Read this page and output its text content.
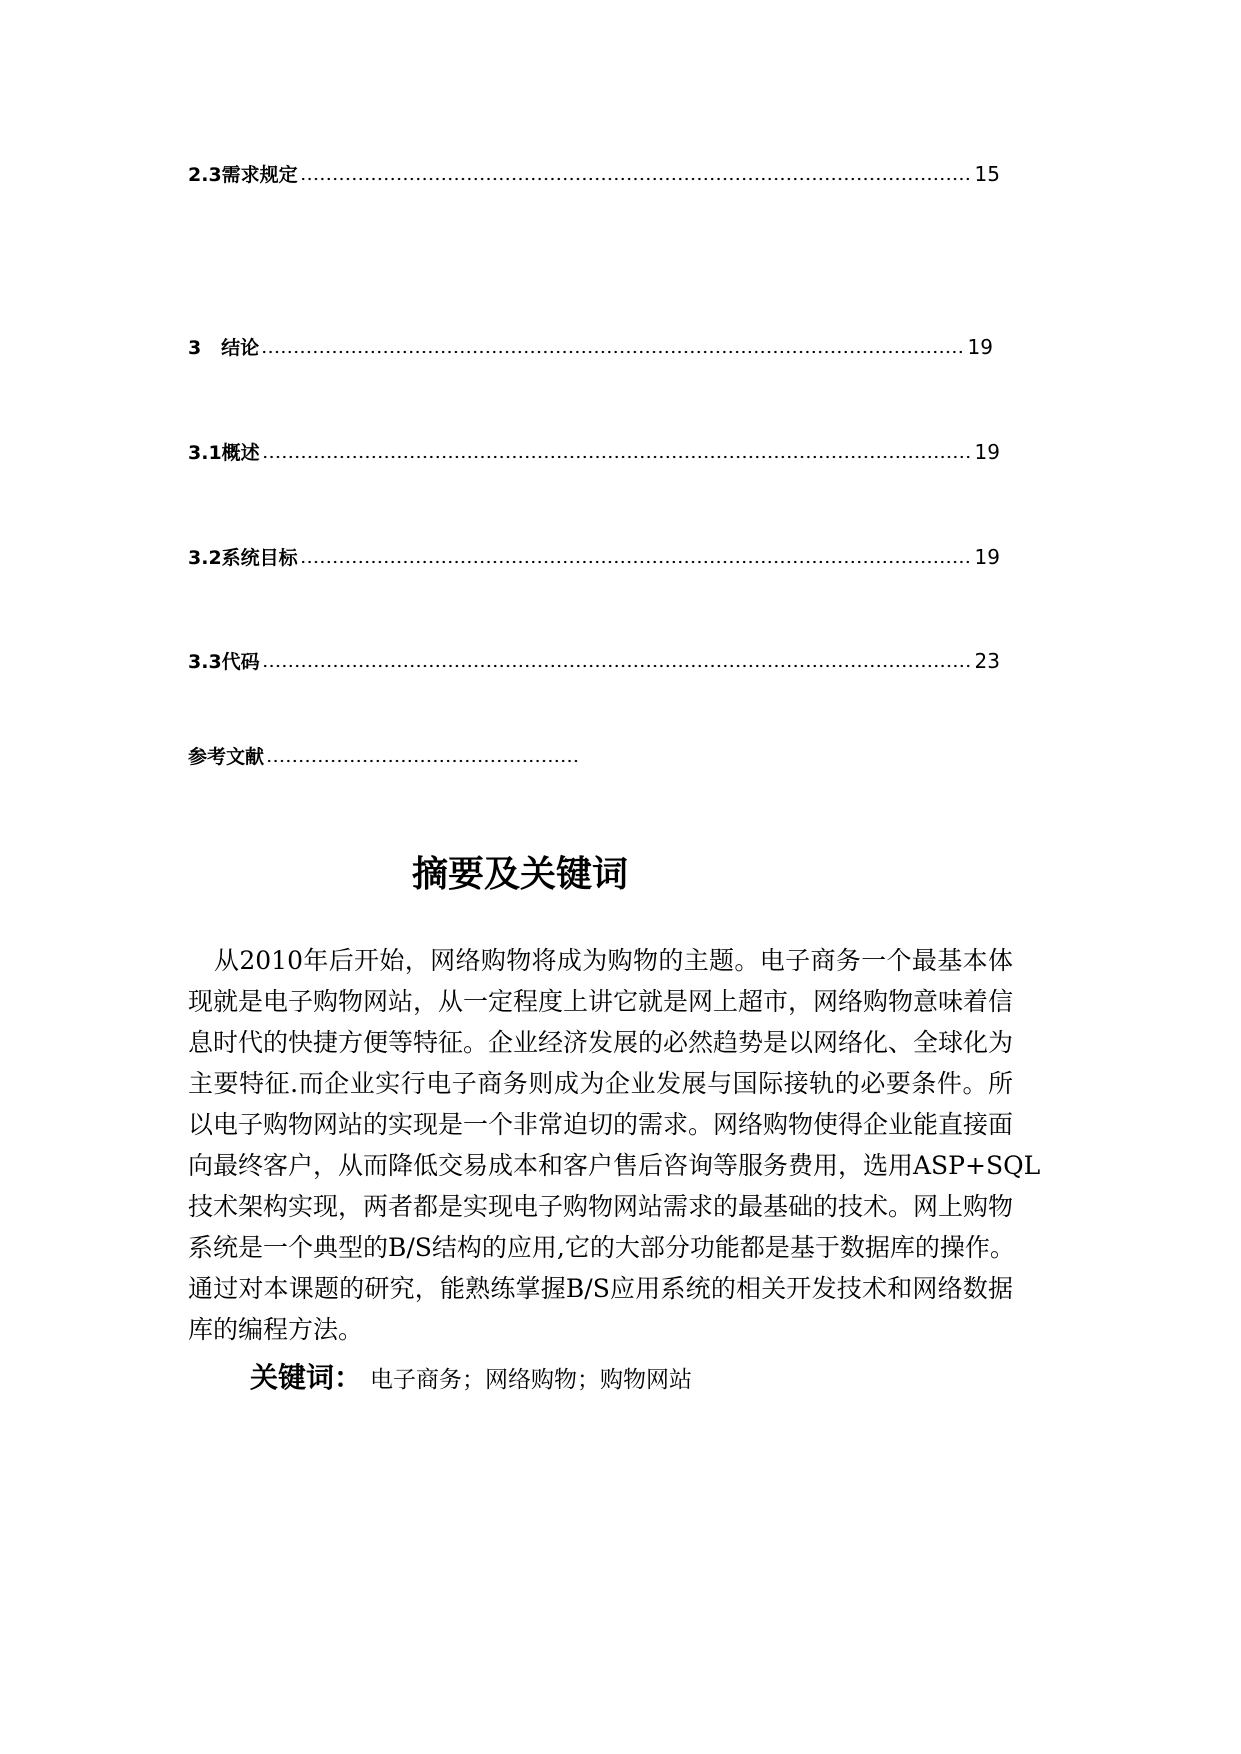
2.3需求规定	15
3   结论	19
3.1概述	19
3.2系统目标	19
3.3代码	23
参考文献
摘要及关键词
从2010年后开始，网络购物将成为购物的主题。电子商务一个最基本体
现就是电子购物网站，从一定程度上讲它就是网上超市，网络购物意味着信
息时代的快捷方便等特征。企业经济发展的必然趋势是以网络化、全球化为
主要特征.而企业实行电子商务则成为企业发展与国际接轨的必要条件。所
以电子购物网站的实现是一个非常迫切的需求。网络购物使得企业能直接面
向最终客户，从而降低交易成本和客户售后咨询等服务费用，选用ASP+SQL
技术架构实现，两者都是实现电子购物网站需求的最基础的技术。网上购物
系统是一个典型的B/S结构的应用,它的大部分功能都是基于数据库的操作。
通过对本课题的研究，能熟练掌握B/S应用系统的相关开发技术和网络数据
库的编程方法。
关键词： 电子商务；网络购物；购物网站
